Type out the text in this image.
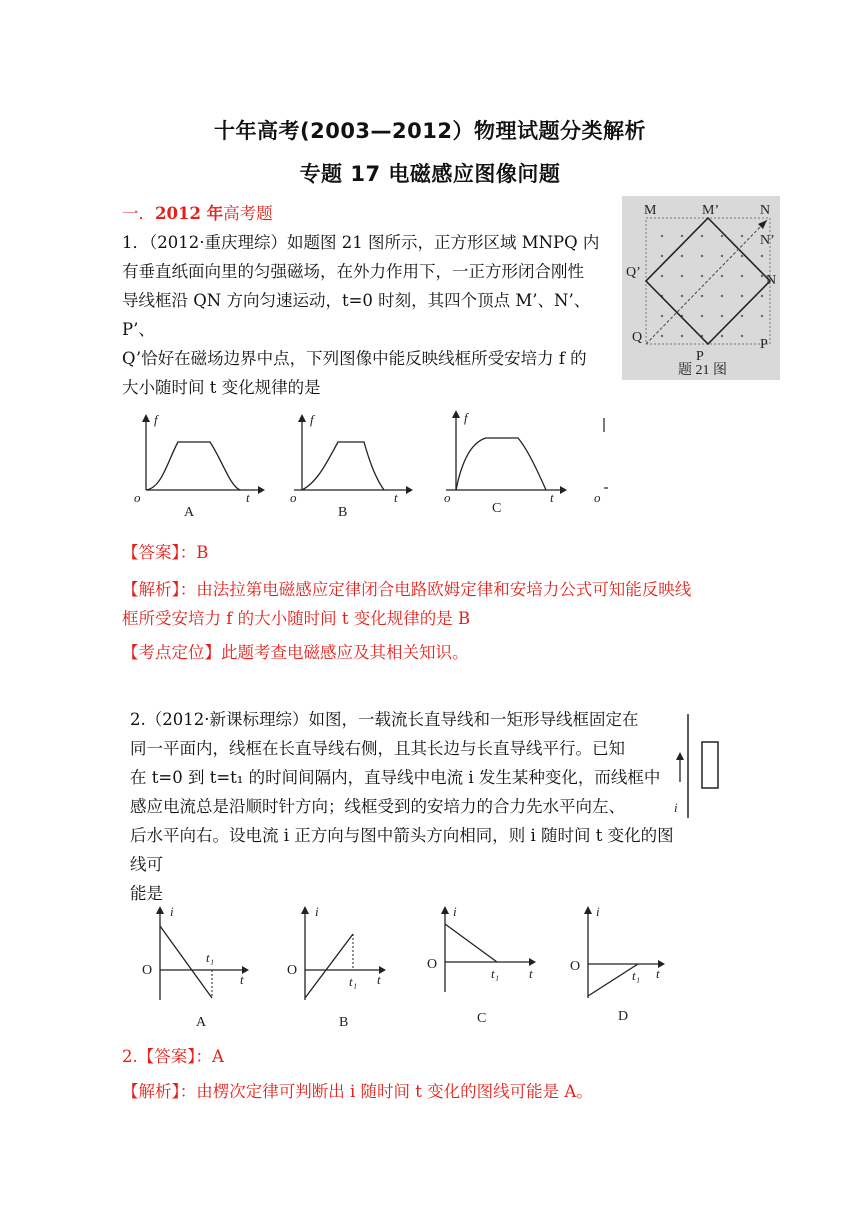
十年高考(2003—2012）物理试题分类解析
专题 17 电磁感应图像问题
一．2012 年高考题
1．（2012·重庆理综）如题图 21 图所示，正方形区域 MNPQ 内
有垂直纸面向里的匀强磁场，在外力作用下，一正方形闭合刚性
导线框沿 QN 方向匀速运动，t=0 时刻，其四个顶点 M’、N’、P’、
Q’恰好在磁场边界中点，下列图像中能反映线框所受安培力 f 的
大小随时间 t 变化规律的是
M	M’	N
N’
Q’
N
Q
P
P
题 21 图
f
o	t
A
f
o	t
B
f
o	t
C
o
【答案】：B
【解析】：由法拉第电磁感应定律闭合电路欧姆定律和安培力公式可知能反映线
框所受安培力 f 的大小随时间 t 变化规律的是 B
【考点定位】此题考查电磁感应及其相关知识。
2.（2012·新课标理综）如图，一载流长直导线和一矩形导线框固定在
同一平面内，线框在长直导线右侧，且其长边与长直导线平行。已知
在 t=0 到 t=t₁ 的时间间隔内，直导线中电流 i 发生某种变化，而线框中
感应电流总是沿顺时针方向；线框受到的安培力的合力先水平向左、
后水平向右。设电流 i 正方向与图中箭头方向相同，则 i 随时间 t 变化的图线可
能是
i
i
O
t₁
t
A
i
O
t₁ t
B
i
O
t₁ t
C
i
O
t₁ t
D
2.【答案】：A
【解析】：由楞次定律可判断出 i 随时间 t 变化的图线可能是 A。
